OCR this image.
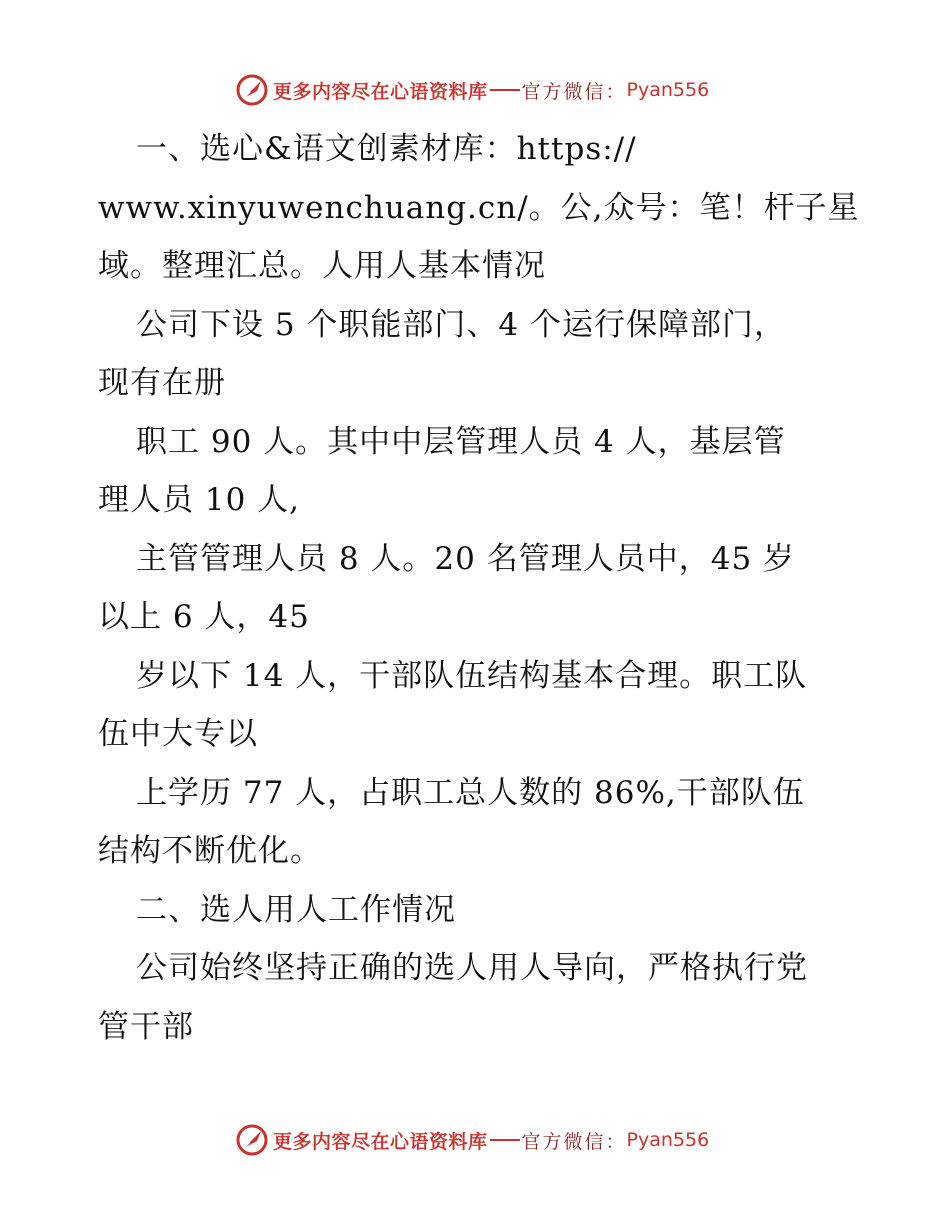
更多内容尽在心语资料库 官方微信： Pyan556
一、选心&语文创素材库：https://
www.xinyuwenchuang.cn/。公,众号：笔！杆子星
域。整理汇总。人用人基本情况
公司下设 5 个职能部门、4 个运行保障部门，
现有在册
职工 90 人。其中中层管理人员 4 人，基层管
理人员 10 人,
主管管理人员 8 人。20 名管理人员中，45 岁
以上 6 人，45
岁以下 14 人，干部队伍结构基本合理。职工队
伍中大专以
上学历 77 人，占职工总人数的 86%,干部队伍
结构不断优化。
二、选人用人工作情况
公司始终坚持正确的选人用人导向，严格执行党
管干部
更多内容尽在心语资料库 官方微信： Pyan556
